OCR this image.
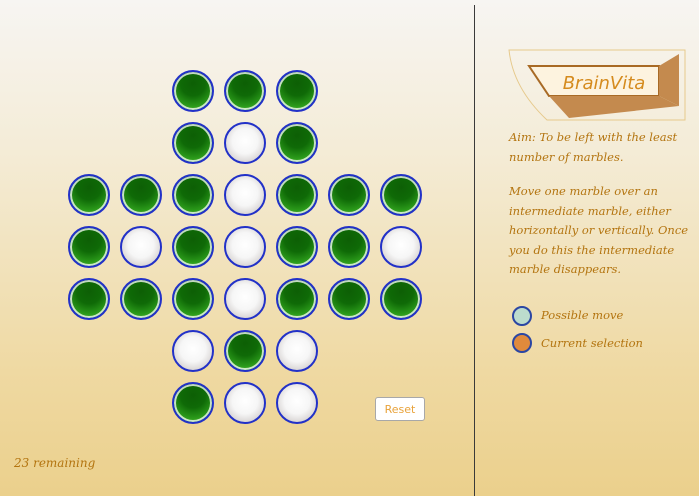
Reset
23 remaining
BrainVita
Aim: To be left with the least number of marbles.
Move one marble over an intermediate marble, either horizontally or vertically. Once you do this the intermediate marble disappears.
Possible move
Current selection
